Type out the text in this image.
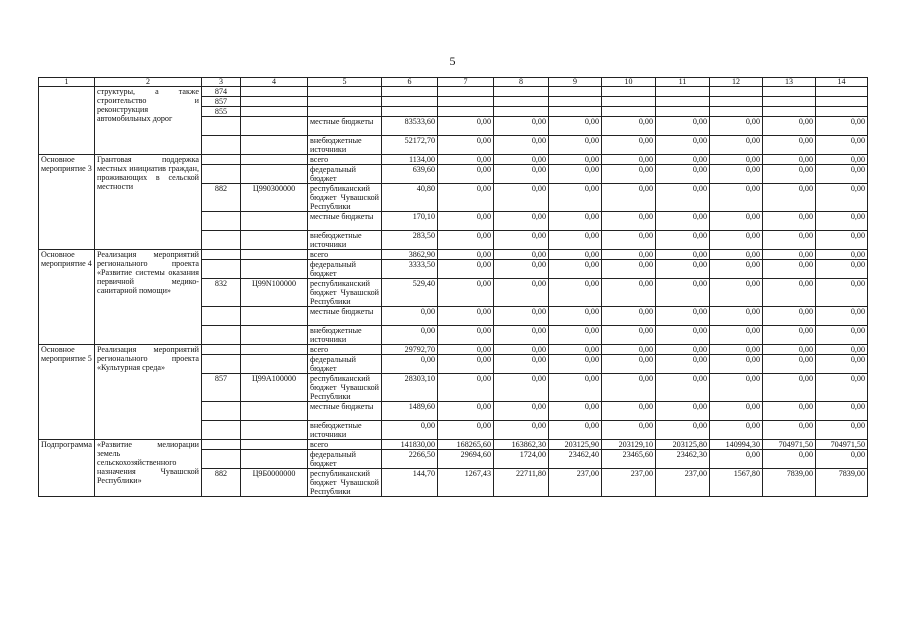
5
1	2	3	4	5	6	7	8	9	10	11	12	13	14
	структуры, а также строительство и реконструкция автомобильных дорог	874											
		857											
		855											
				местные бюджеты	83533,60	0,00	0,00	0,00	0,00	0,00	0,00	0,00	0,00
				внебюджетные источники	52172,70	0,00	0,00	0,00	0,00	0,00	0,00	0,00	0,00
Основное мероприятие 3	Грантовая поддержка местных инициатив граждан, проживающих в сельской местности			всего	1134,00	0,00	0,00	0,00	0,00	0,00	0,00	0,00	0,00
				федеральный бюджет	639,60	0,00	0,00	0,00	0,00	0,00	0,00	0,00	0,00
		882	Ц990300000	республиканский бюджет Чувашской Республики	40,80	0,00	0,00	0,00	0,00	0,00	0,00	0,00	0,00
				местные бюджеты	170,10	0,00	0,00	0,00	0,00	0,00	0,00	0,00	0,00
				внебюджетные источники	283,50	0,00	0,00	0,00	0,00	0,00	0,00	0,00	0,00
Основное мероприятие 4	Реализация мероприятий регионального проекта «Развитие системы оказания первичной медико-санитарной помощи»			всего	3862,90	0,00	0,00	0,00	0,00	0,00	0,00	0,00	0,00
				федеральный бюджет	3333,50	0,00	0,00	0,00	0,00	0,00	0,00	0,00	0,00
		832	Ц99N100000	республиканский бюджет Чувашской Республики	529,40	0,00	0,00	0,00	0,00	0,00	0,00	0,00	0,00
				местные бюджеты	0,00	0,00	0,00	0,00	0,00	0,00	0,00	0,00	0,00
				внебюджетные источники	0,00	0,00	0,00	0,00	0,00	0,00	0,00	0,00	0,00
Основное мероприятие 5	Реализация мероприятий регионального проекта «Культурная среда»			всего	29792,70	0,00	0,00	0,00	0,00	0,00	0,00	0,00	0,00
				федеральный бюджет	0,00	0,00	0,00	0,00	0,00	0,00	0,00	0,00	0,00
		857	Ц99А100000	республиканский бюджет Чувашской Республики	28303,10	0,00	0,00	0,00	0,00	0,00	0,00	0,00	0,00
				местные бюджеты	1489,60	0,00	0,00	0,00	0,00	0,00	0,00	0,00	0,00
				внебюджетные источники	0,00	0,00	0,00	0,00	0,00	0,00	0,00	0,00	0,00
Подпрограмма	«Развитие мелиорации земель сельскохозяйственного назначения Чувашской Республики»			всего	141830,00	168265,60	163862,30	203125,90	203129,10	203125,80	140994,30	704971,50	704971,50
				федеральный бюджет	2266,50	29694,60	1724,00	23462,40	23465,60	23462,30	0,00	0,00	0,00
		882	Ц9Б0000000	республиканский бюджет Чувашской Республики	144,70	1267,43	22711,80	237,00	237,00	237,00	1567,80	7839,00	7839,00
